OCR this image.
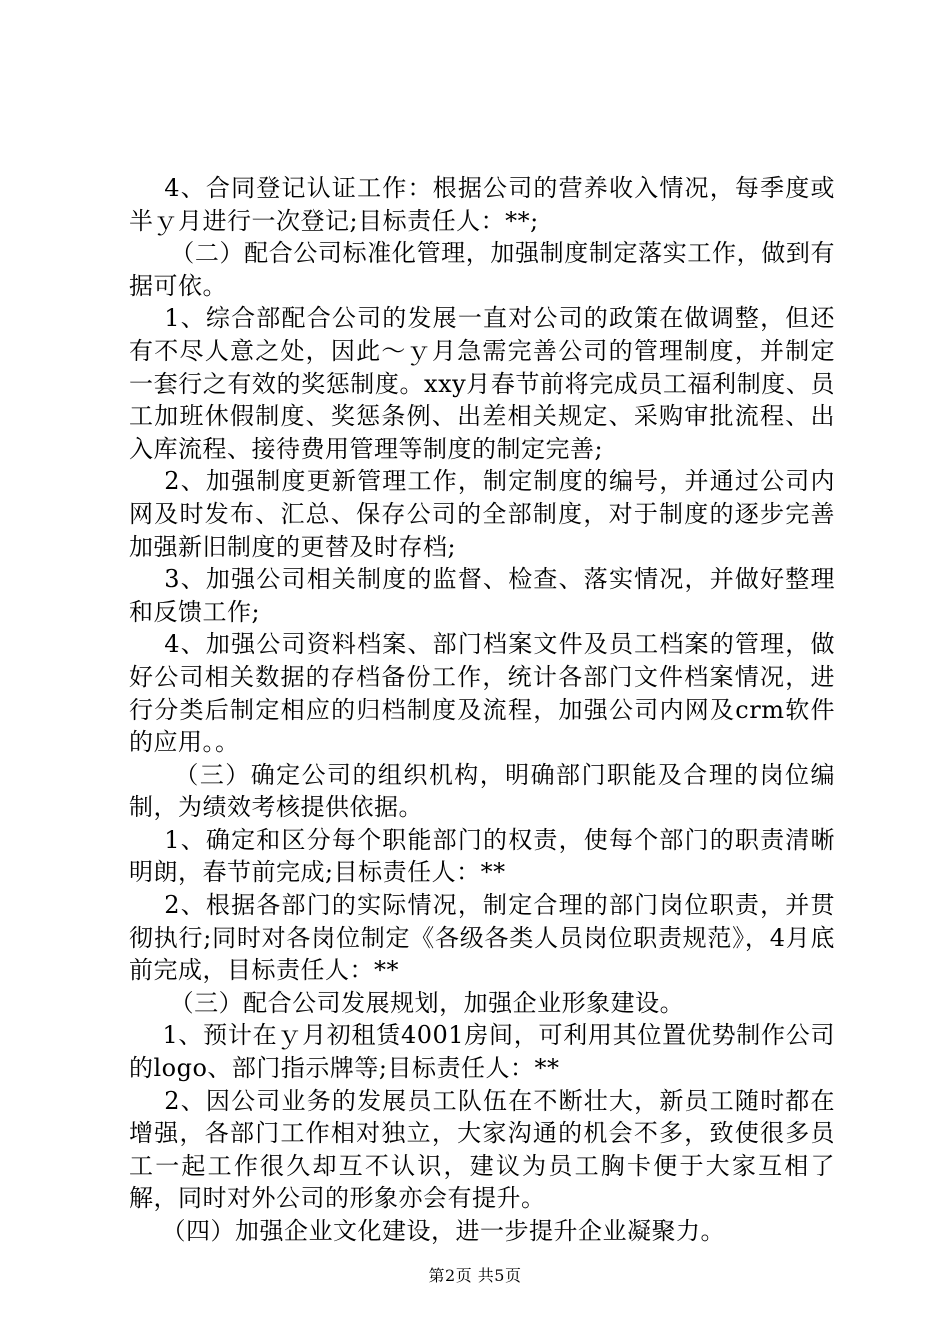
4、合同登记认证工作：根据公司的营养收入情况，每季度或半ｙ月进行一次登记;目标责任人：**;

（二）配合公司标准化管理，加强制度制定落实工作，做到有据可依。

1、综合部配合公司的发展一直对公司的政策在做调整，但还有不尽人意之处，因此～ｙ月急需完善公司的管理制度，并制定一套行之有效的奖惩制度。xxy月春节前将完成员工福利制度、员工加班休假制度、奖惩条例、出差相关规定、采购审批流程、出入库流程、接待费用管理等制度的制定完善;

2、加强制度更新管理工作，制定制度的编号，并通过公司内网及时发布、汇总、保存公司的全部制度，对于制度的逐步完善加强新旧制度的更替及时存档;

3、加强公司相关制度的监督、检查、落实情况，并做好整理和反馈工作;

4、加强公司资料档案、部门档案文件及员工档案的管理，做好公司相关数据的存档备份工作，统计各部门文件档案情况，进行分类后制定相应的归档制度及流程，加强公司内网及crm软件的应用。。

（三）确定公司的组织机构，明确部门职能及合理的岗位编制，为绩效考核提供依据。

1、确定和区分每个职能部门的权责，使每个部门的职责清晰明朗，春节前完成;目标责任人：**

2、根据各部门的实际情况，制定合理的部门岗位职责，并贯彻执行;同时对各岗位制定《各级各类人员岗位职责规范》，4月底前完成，目标责任人：**

（三）配合公司发展规划，加强企业形象建设。

1、预计在ｙ月初租赁4001房间，可利用其位置优势制作公司的logo、部门指示牌等;目标责任人：**

2、因公司业务的发展员工队伍在不断壮大，新员工随时都在增强，各部门工作相对独立，大家沟通的机会不多，致使很多员工一起工作很久却互不认识，建议为员工胸卡便于大家互相了解，同时对外公司的形象亦会有提升。

（四）加强企业文化建设，进一步提升企业凝聚力。

第2页 共5页
